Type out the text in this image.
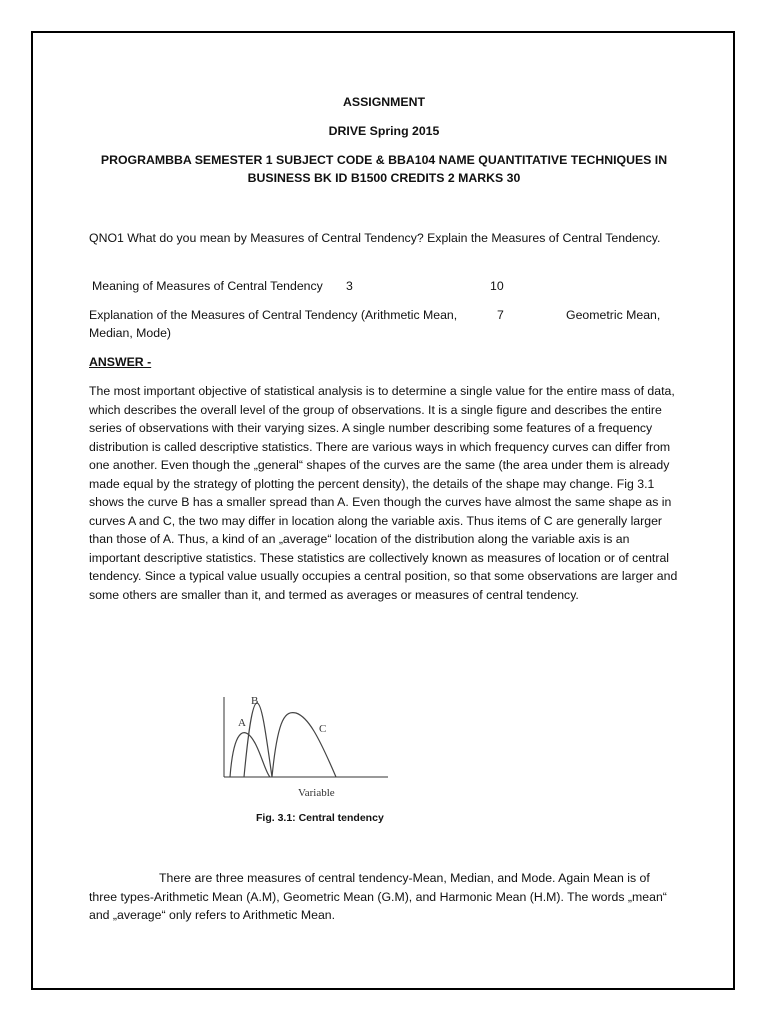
ASSIGNMENT
DRIVE Spring 2015
PROGRAMBBA SEMESTER 1 SUBJECT CODE & BBA104 NAME QUANTITATIVE TECHNIQUES IN
BUSINESS BK ID B1500 CREDITS 2 MARKS 30
QNO1 What do you mean by Measures of Central Tendency? Explain the Measures of Central Tendency.
Meaning of Measures of Central Tendency 3	10
Explanation of the Measures of Central Tendency (Arithmetic Mean,	7	Geometric Mean,
Median, Mode)
ANSWER -
The most important objective of statistical analysis is to determine a single value for the entire mass of data, which describes the overall level of the group of observations. It is a single figure and describes the entire series of observations with their varying sizes. A single number describing some features of a frequency distribution is called descriptive statistics. There are various ways in which frequency curves can differ from one another. Even though the „general“ shapes of the curves are the same (the area under them is already made equal by the strategy of plotting the percent density), the details of the shape may change. Fig 3.1 shows the curve B has a smaller spread than A. Even though the curves have almost the same shape as in curves A and C, the two may differ in location along the variable axis. Thus items of C are generally larger than those of A. Thus, a kind of an „average“ location of the distribution along the variable axis is an important descriptive statistics. These statistics are collectively known as measures of location or of central tendency. Since a typical value usually occupies a central position, so that some observations are larger and some others are smaller than it, and termed as averages or measures of central tendency.
There are three measures of central tendency-Mean, Median, and Mode. Again Mean is of three types-Arithmetic Mean (A.M), Geometric Mean (G.M), and Harmonic Mean (H.M). The words „mean“ and „average“ only refers to Arithmetic Mean.
A
B
C
Variable
Fig. 3.1: Central tendency
